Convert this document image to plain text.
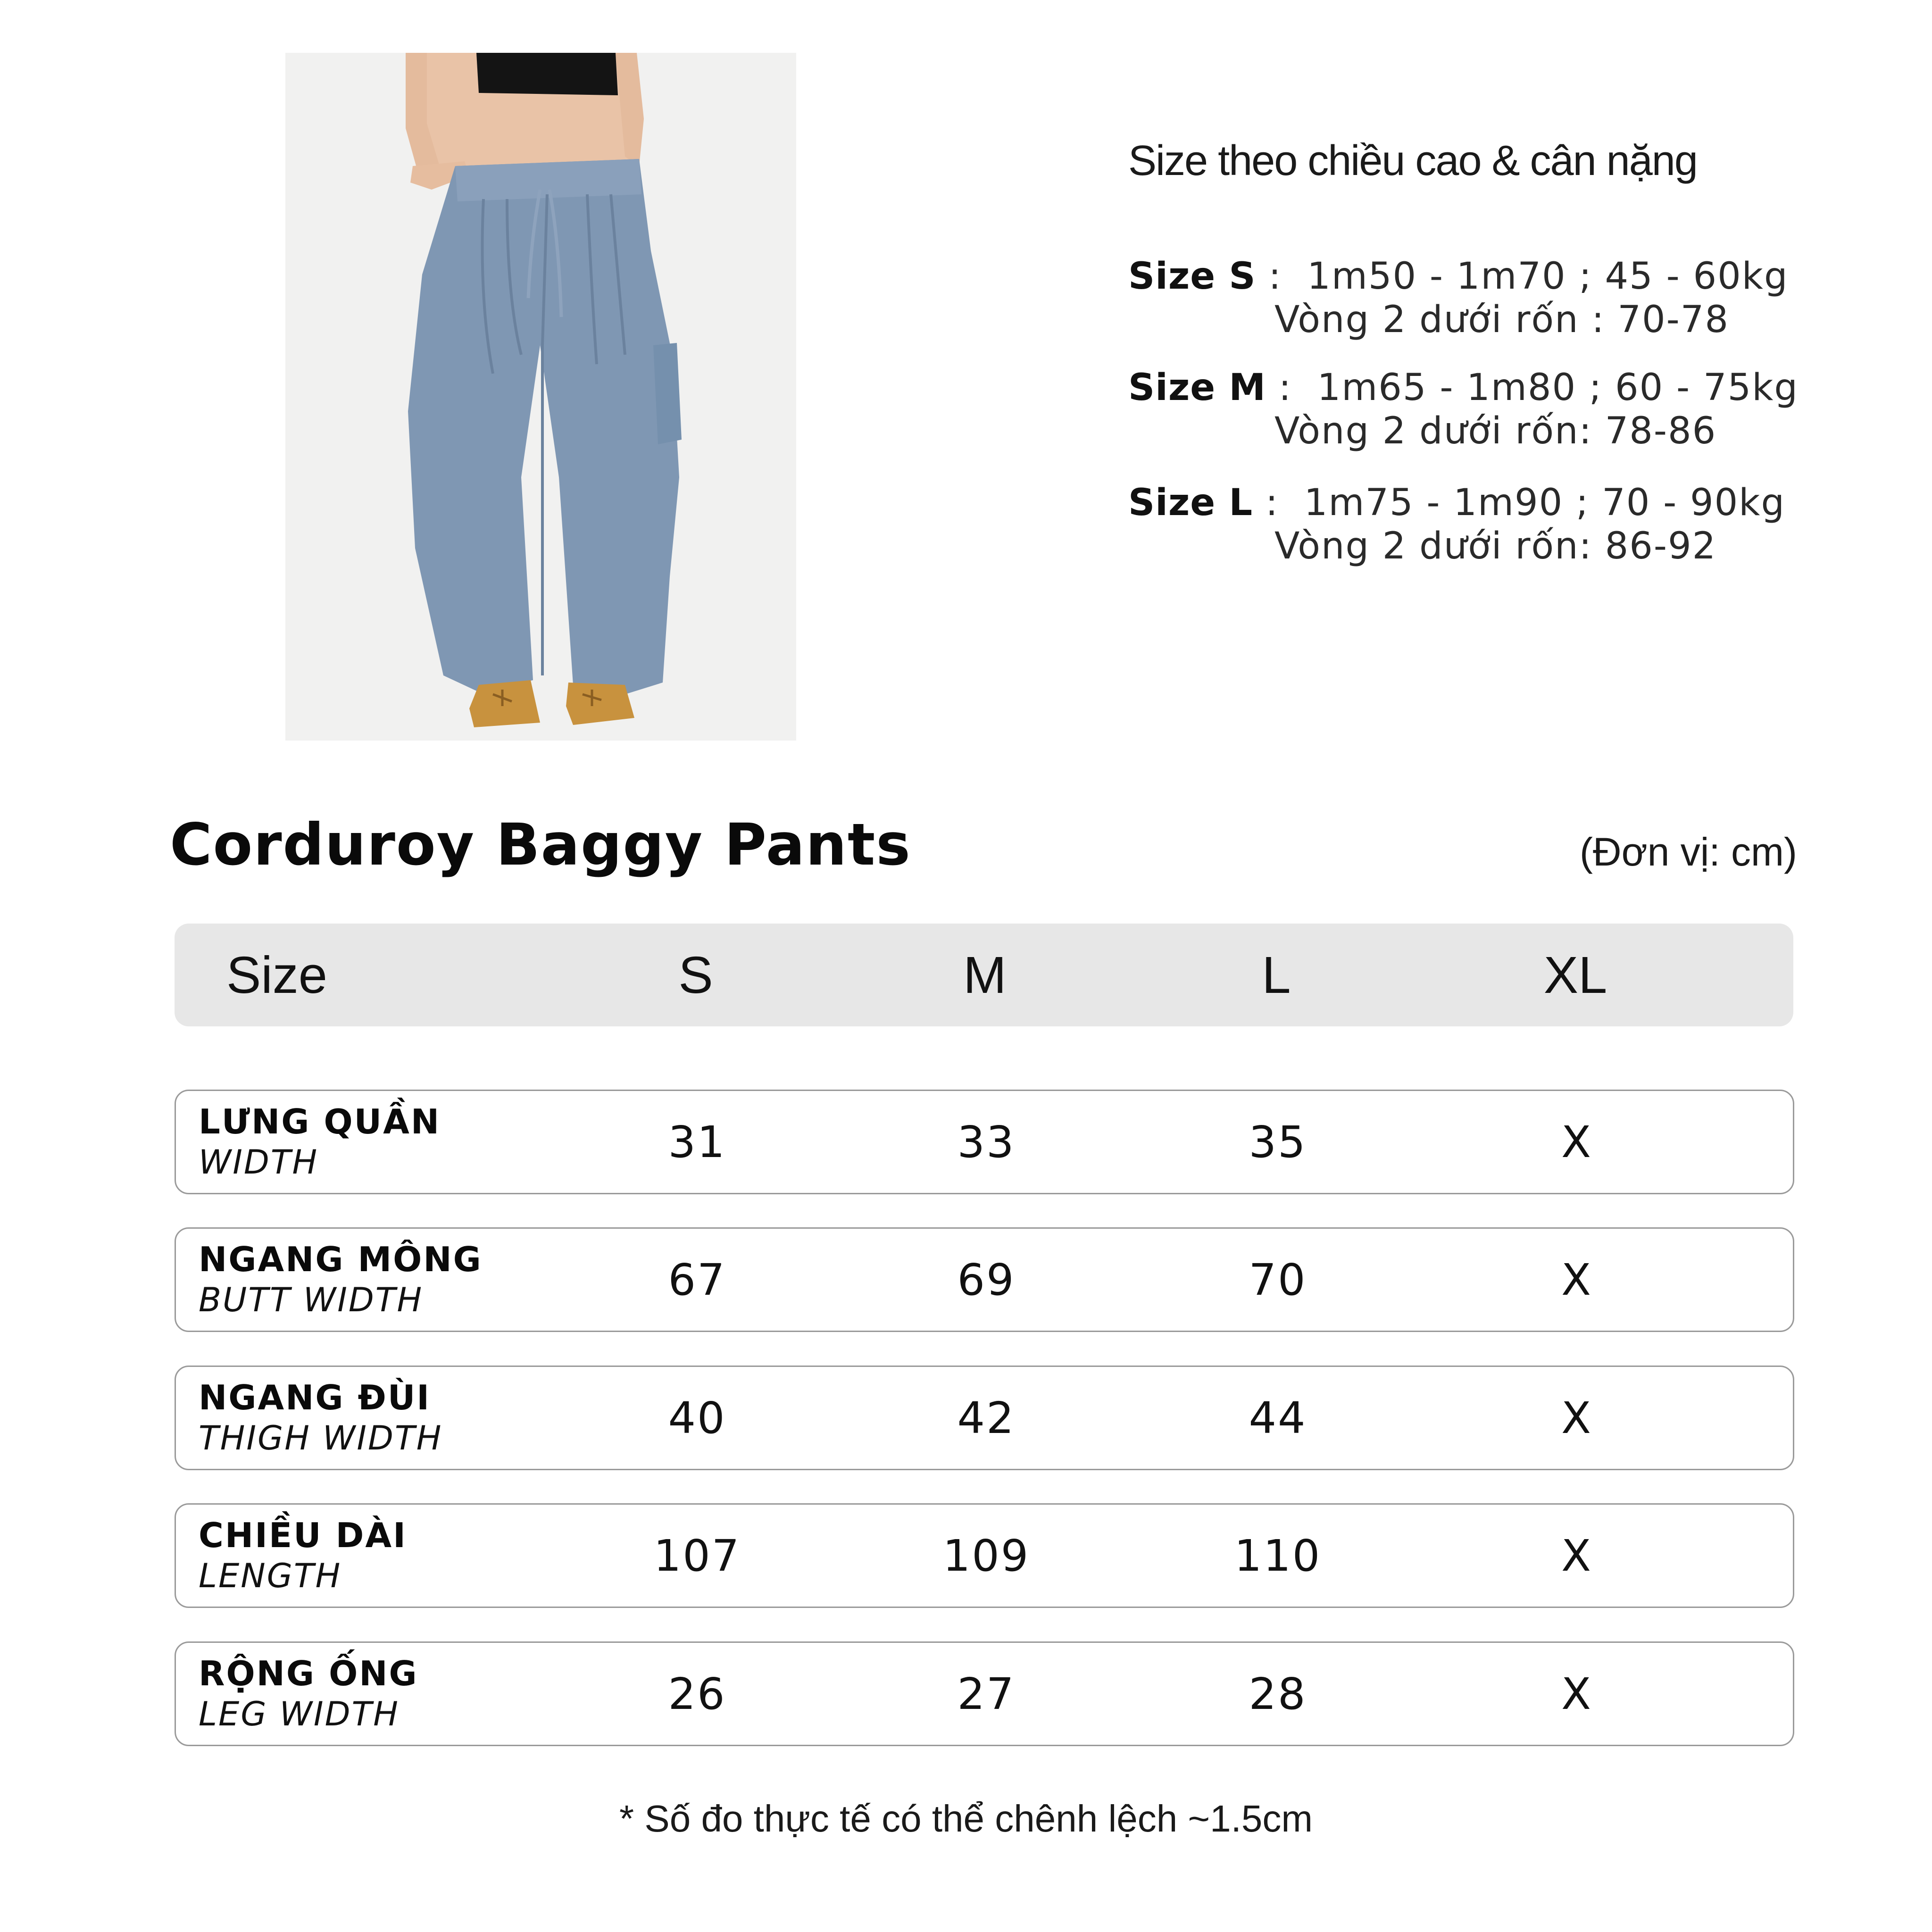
Size theo chiều cao & cân nặng
Size S :  1m50 - 1m70 ; 45 - 60kg
Vòng 2 dưới rốn : 70-78
Size M :  1m65 - 1m80 ; 60 - 75kg
Vòng 2 dưới rốn: 78-86
Size L :  1m75 - 1m90 ; 70 - 90kg
Vòng 2 dưới rốn: 86-92
Corduroy Baggy Pants	(Đơn vị: cm)
Size	S	M	L	XL
LƯNG QUẦN
WIDTH	31	33	35	X
NGANG MÔNG
BUTT WIDTH	67	69	70	X
NGANG ĐÙI
THIGH WIDTH	40	42	44	X
CHIỀU DÀI
LENGTH	107	109	110	X
RỘNG ỐNG
LEG WIDTH	26	27	28	X
* Số đo thực tế có thể chênh lệch ~1.5cm
